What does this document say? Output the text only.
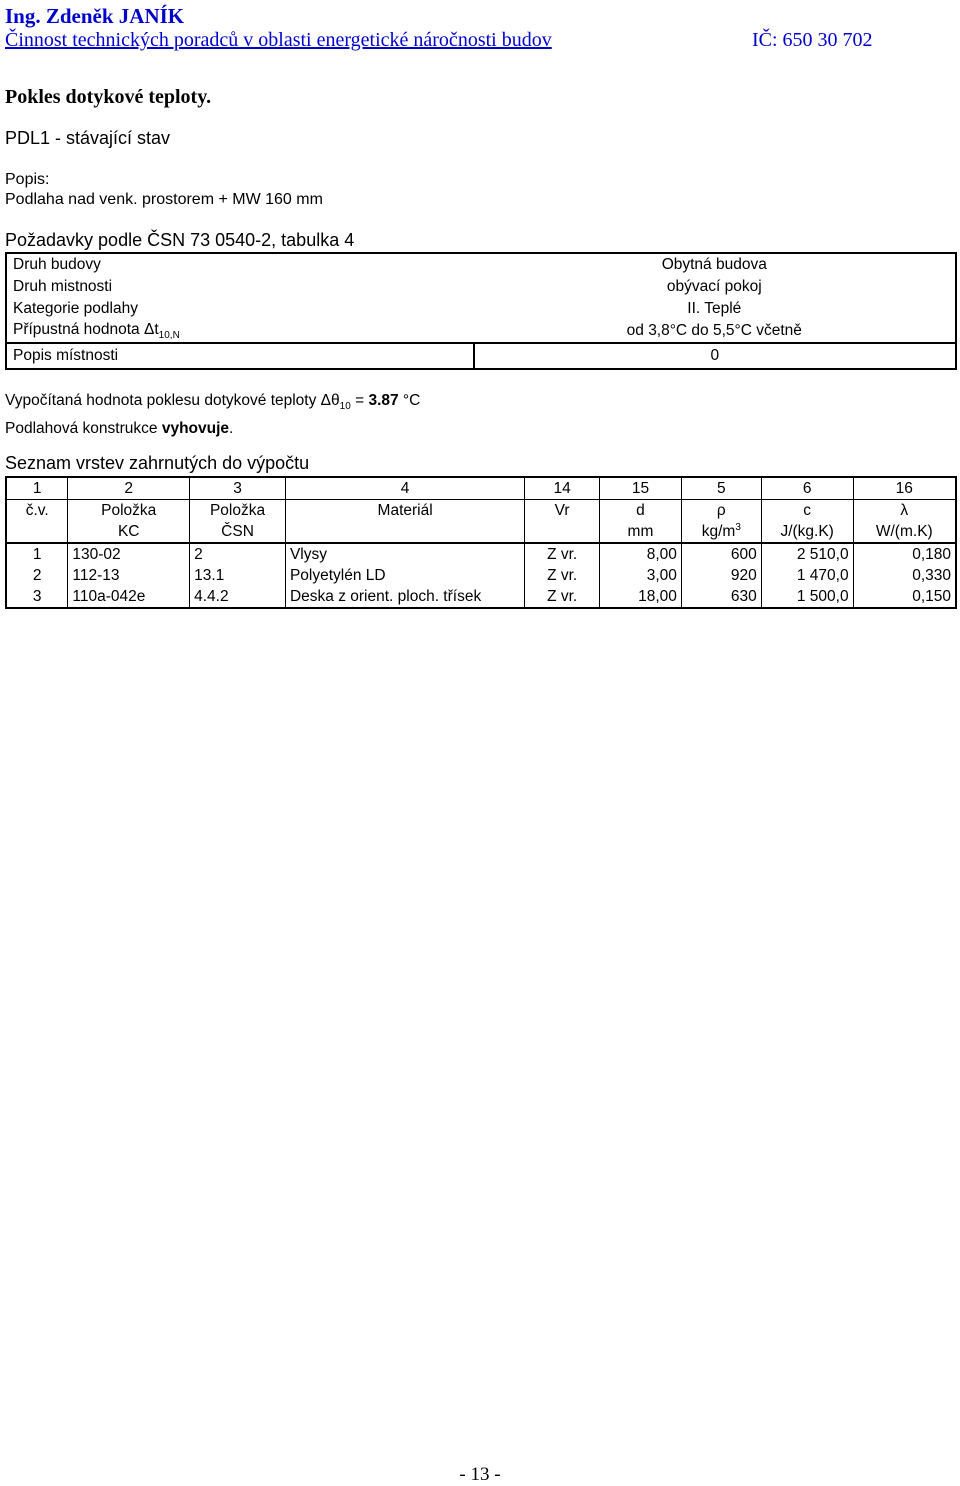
Ing. Zdeněk JANÍK
Činnost technických poradců v oblasti energetické náročnosti budov	IČ: 650 30 702
Pokles dotykové teploty.
PDL1 - stávající stav
Popis:
Podlaha nad venk. prostorem + MW 160 mm
Požadavky podle ČSN 73 0540-2, tabulka 4
Druh budovy	Obytná budova
Druh mistnosti	obývací pokoj
Kategorie podlahy	II. Teplé
Přípustná hodnota $\Delta t_{10,N}$	od 3,8°C do 5,5°C včetně
Popis místnosti	0
Vypočítaná hodnota poklesu dotykové teploty $\Delta\theta_{10} = 3.87$ °C
Podlahová konstrukce vyhovuje.
Seznam vrstev zahrnutých do výpočtu
1	2	3	4	14	15	5	6	16
č.v.	Položka	Položka	Materiál	Vr	d	ρ	c	λ
	KC	ČSN			mm	$kg/m^3$	J/(kg.K)	W/(m.K)
1	130-02	2	Vlysy	Z vr.	8,00	600	2 510,0	0,180
2	112-13	13.1	Polyetylén LD	Z vr.	3,00	920	1 470,0	0,330
3	110a-042e	4.4.2	Deska z orient. ploch. třísek	Z vr.	18,00	630	1 500,0	0,150
- 13 -
